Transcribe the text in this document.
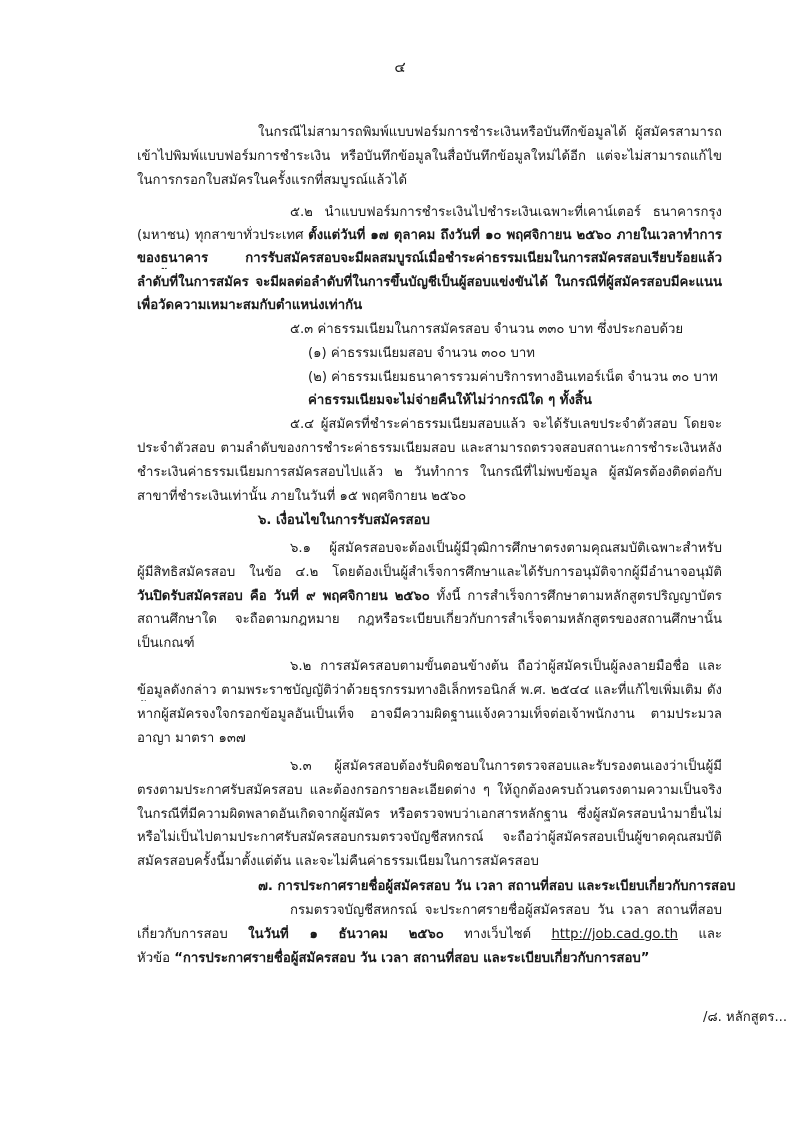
๔
ในกรณีไม่สามารถพิมพ์แบบฟอร์มการชำระเงินหรือบันทึกข้อมูลได้ ผู้สมัครสามารถ
เข้าไปพิมพ์แบบฟอร์มการชำระเงิน หรือบันทึกข้อมูลในสื่อบันทึกข้อมูลใหม่ได้อีก แต่จะไม่สามารถแก้ไข
ในการกรอกใบสมัครในครั้งแรกที่สมบูรณ์แล้วได้
๕.๒ นำแบบฟอร์มการชำระเงินไปชำระเงินเฉพาะที่เคาน์เตอร์ ธนาคารกรุง
(มหาชน) ทุกสาขาทั่วประเทศ ตั้งแต่วันที่ ๑๗ ตุลาคม ถึงวันที่ ๑๐ พฤศจิกายน ๒๕๖๐ ภายในเวลาทำการ
ของธนาคาร การรับสมัครสอบจะมีผลสมบูรณ์เมื่อชำระค่าธรรมเนียมในการสมัครสอบเรียบร้อยแล้ว
ลำดับที่ในการสมัคร จะมีผลต่อลำดับที่ในการขึ้นบัญชีเป็นผู้สอบแข่งขันได้ ในกรณีที่ผู้สมัครสอบมีคะแนน
เพื่อวัดความเหมาะสมกับตำแหน่งเท่ากัน
๕.๓ ค่าธรรมเนียมในการสมัครสอบ จำนวน ๓๓๐ บาท ซึ่งประกอบด้วย
(๑) ค่าธรรมเนียมสอบ จำนวน ๓๐๐ บาท
(๒) ค่าธรรมเนียมธนาคารรวมค่าบริการทางอินเทอร์เน็ต จำนวน ๓๐ บาท
ค่าธรรมเนียมจะไม่จ่ายคืนให้ไม่ว่ากรณีใด ๆ ทั้งสิ้น
๕.๔ ผู้สมัครที่ชำระค่าธรรมเนียมสอบแล้ว จะได้รับเลขประจำตัวสอบ โดยจะ
ประจำตัวสอบ ตามลำดับของการชำระค่าธรรมเนียมสอบ และสามารถตรวจสอบสถานะการชำระเงินหลัง
ชำระเงินค่าธรรมเนียมการสมัครสอบไปแล้ว ๒ วันทำการ ในกรณีที่ไม่พบข้อมูล ผู้สมัครต้องติดต่อกับ
สาขาที่ชำระเงินเท่านั้น ภายในวันที่ ๑๕ พฤศจิกายน ๒๕๖๐
๖. เงื่อนไขในการรับสมัครสอบ
๖.๑ ผู้สมัครสอบจะต้องเป็นผู้มีวุฒิการศึกษาตรงตามคุณสมบัติเฉพาะสำหรับ
ผู้มีสิทธิสมัครสอบ ในข้อ ๔.๒ โดยต้องเป็นผู้สำเร็จการศึกษาและได้รับการอนุมัติจากผู้มีอำนาจอนุมัติ
วันปิดรับสมัครสอบ คือ วันที่ ๙ พฤศจิกายน ๒๕๖๐ ทั้งนี้ การสำเร็จการศึกษาตามหลักสูตรปริญญาบัตร
สถานศึกษาใด จะถือตามกฎหมาย กฎหรือระเบียบเกี่ยวกับการสำเร็จตามหลักสูตรของสถานศึกษานั้น
เป็นเกณฑ์
๖.๒ การสมัครสอบตามขั้นตอนข้างต้น ถือว่าผู้สมัครเป็นผู้ลงลายมือชื่อ และ
ข้อมูลดังกล่าว ตามพระราชบัญญัติว่าด้วยธุรกรรมทางอิเล็กทรอนิกส์ พ.ศ. ๒๕๔๔ และที่แก้ไขเพิ่มเติม ดัง
หากผู้สมัครจงใจกรอกข้อมูลอันเป็นเท็จ อาจมีความผิดฐานแจ้งความเท็จต่อเจ้าพนักงาน ตามประมวล
อาญา มาตรา ๑๓๗
๖.๓ ผู้สมัครสอบต้องรับผิดชอบในการตรวจสอบและรับรองตนเองว่าเป็นผู้มี
ตรงตามประกาศรับสมัครสอบ และต้องกรอกรายละเอียดต่าง ๆ ให้ถูกต้องครบถ้วนตรงตามความเป็นจริง
ในกรณีที่มีความผิดพลาดอันเกิดจากผู้สมัคร หรือตรวจพบว่าเอกสารหลักฐาน ซึ่งผู้สมัครสอบนำมายื่นไม่
หรือไม่เป็นไปตามประกาศรับสมัครสอบกรมตรวจบัญชีสหกรณ์ จะถือว่าผู้สมัครสอบเป็นผู้ขาดคุณสมบัติ
สมัครสอบครั้งนี้มาตั้งแต่ต้น และจะไม่คืนค่าธรรมเนียมในการสมัครสอบ
๗. การประกาศรายชื่อผู้สมัครสอบ วัน เวลา สถานที่สอบ และระเบียบเกี่ยวกับการสอบ
กรมตรวจบัญชีสหกรณ์ จะประกาศรายชื่อผู้สมัครสอบ วัน เวลา สถานที่สอบ
เกี่ยวกับการสอบ ในวันที่ ๑ ธันวาคม ๒๕๖๐ ทางเว็บไซต์ http://job.cad.go.th และ
หัวข้อ “การประกาศรายชื่อผู้สมัครสอบ วัน เวลา สถานที่สอบ และระเบียบเกี่ยวกับการสอบ”
/๘. หลักสูตร...
